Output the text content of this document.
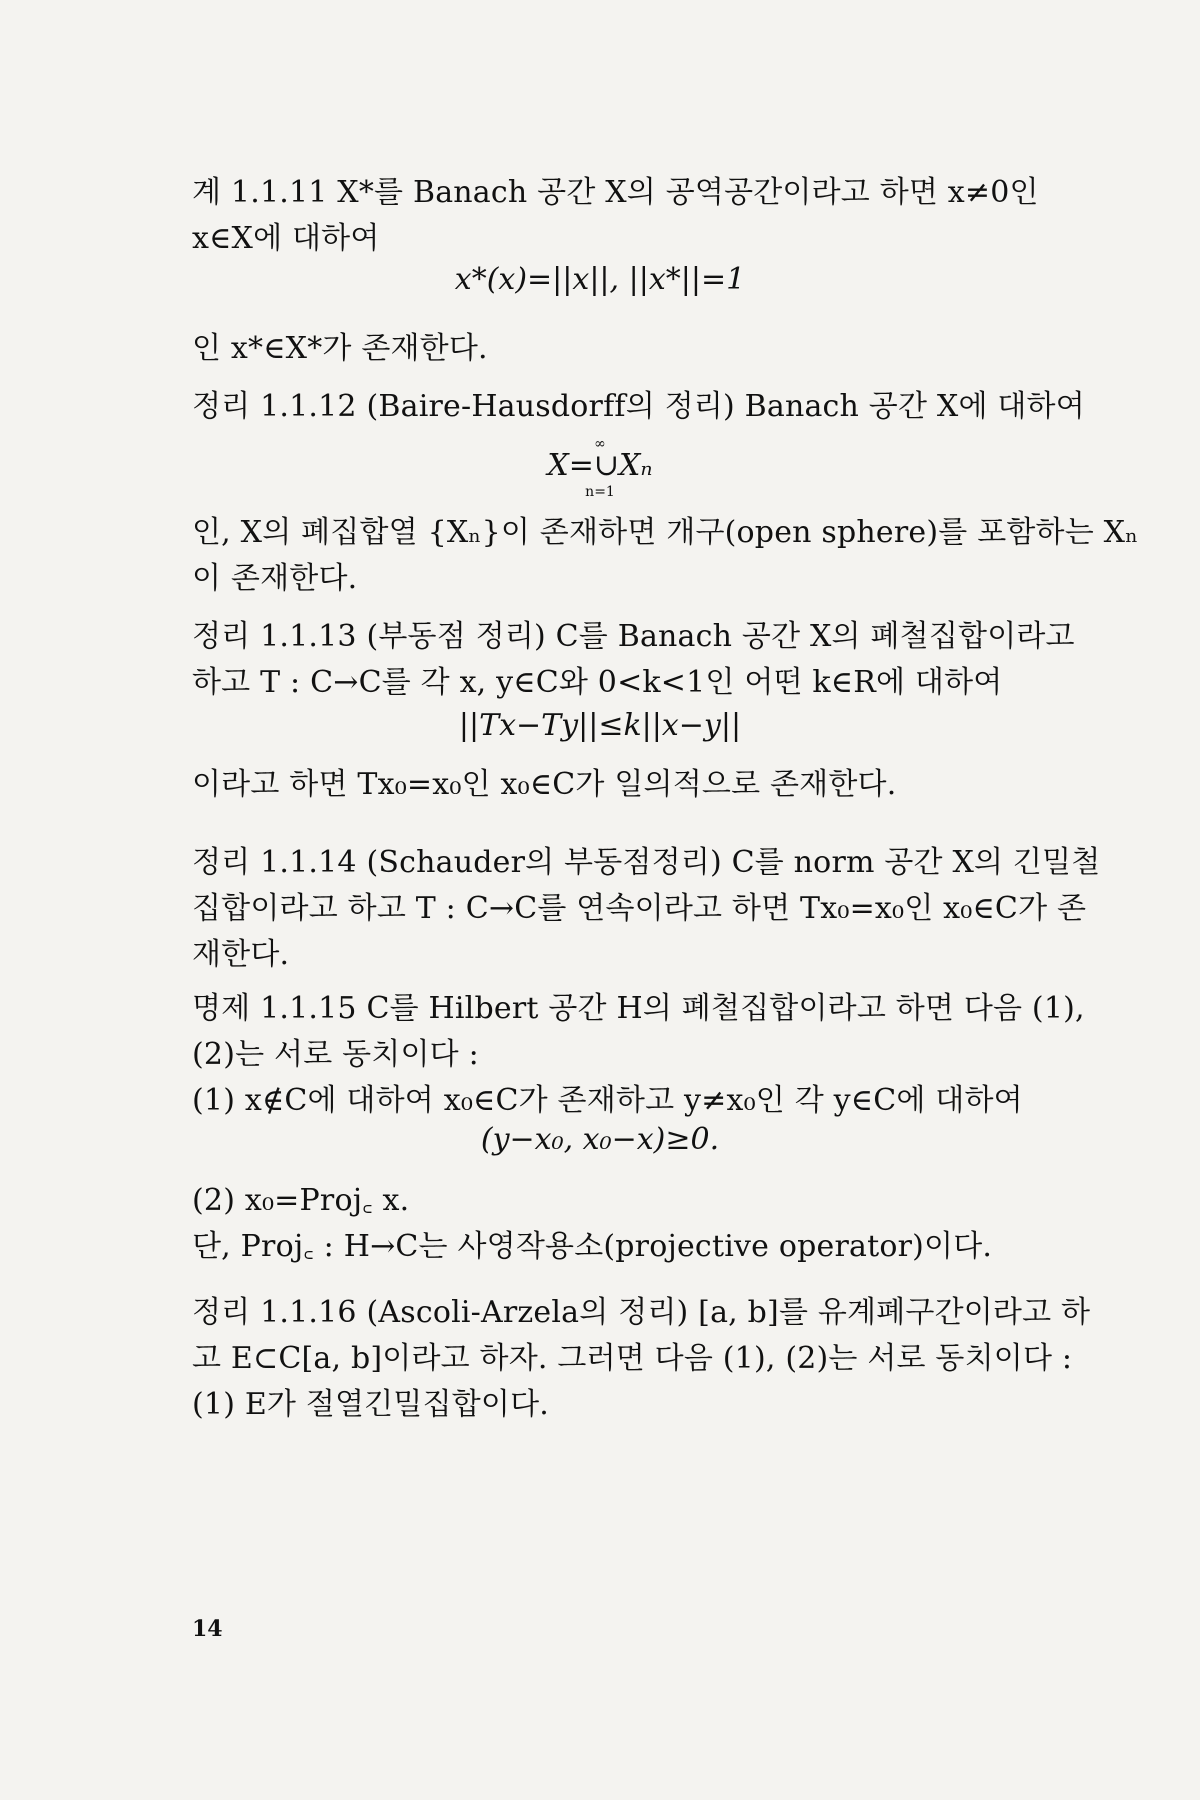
계 1.1.11 X*를 Banach 공간 X의 공역공간이라고 하면 x≠0인
x∈X에 대하여
x*(x)=||x||, ||x*||=1
인 x*∈X*가 존재한다.
정리 1.1.12 (Baire-Hausdorff의 정리) Banach 공간 X에 대하여
∞
X=∪Xₙ
n=1
인, X의 폐집합열 {Xₙ}이 존재하면 개구(open sphere)를 포함하는 Xₙ
이 존재한다.
정리 1.1.13 (부동점 정리) C를 Banach 공간 X의 폐철집합이라고
하고 T : C→C를 각 x, y∈C와 0<k<1인 어떤 k∈R에 대하여
||Tx−Ty||≤k||x−y||
이라고 하면 Tx₀=x₀인 x₀∈C가 일의적으로 존재한다.
정리 1.1.14 (Schauder의 부동점정리) C를 norm 공간 X의 긴밀철
집합이라고 하고 T : C→C를 연속이라고 하면 Tx₀=x₀인 x₀∈C가 존
재한다.
명제 1.1.15 C를 Hilbert 공간 H의 폐철집합이라고 하면 다음 (1),
(2)는 서로 동치이다 :
(1) x∉C에 대하여 x₀∈C가 존재하고 y≠x₀인 각 y∈C에 대하여
(y−x₀, x₀−x)≥0.
(2) x₀=Proj꜀ x.
단, Proj꜀ : H→C는 사영작용소(projective operator)이다.
정리 1.1.16 (Ascoli-Arzela의 정리) [a, b]를 유계폐구간이라고 하
고 E⊂C[a, b]이라고 하자. 그러면 다음 (1), (2)는 서로 동치이다 :
(1) E가 절열긴밀집합이다.
14
